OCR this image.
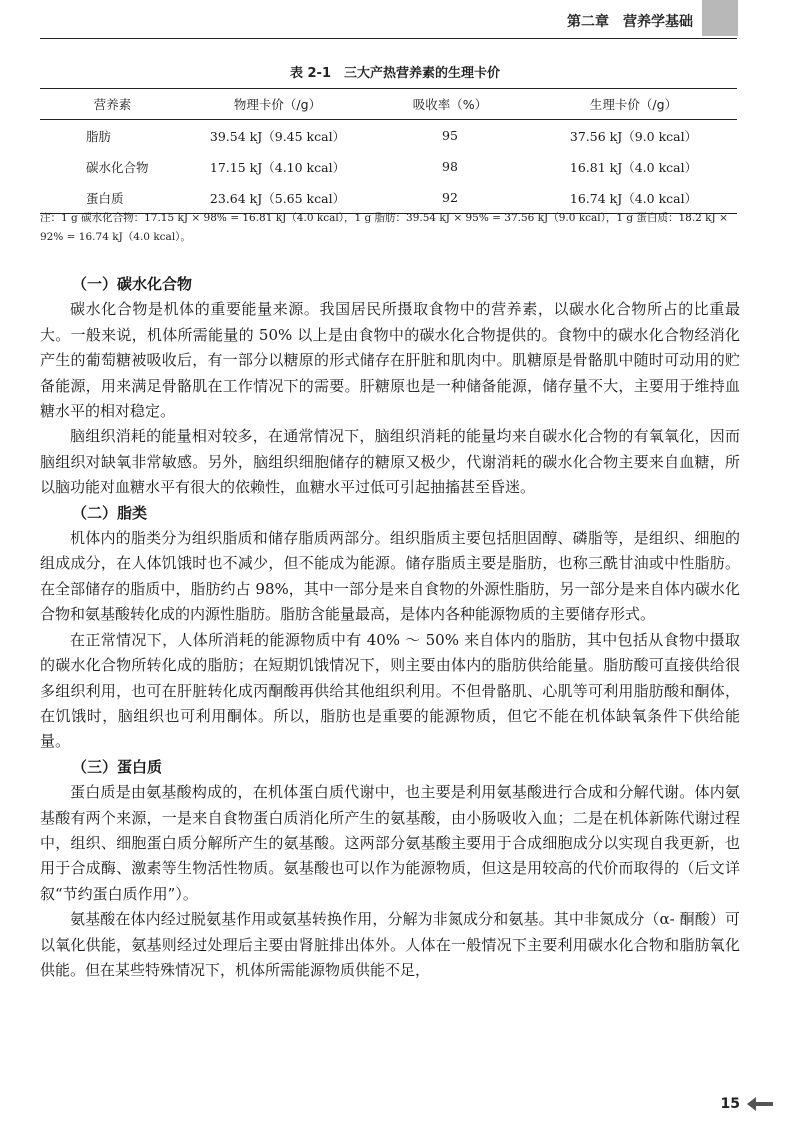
第二章　 营养学基础
表 2-1　三大产热营养素的生理卡价
营养素	物理卡价（/g）	吸收率（%）	生理卡价（/g）
脂肪	39.54 kJ（9.45 kcal）	95	37.56 kJ（9.0 kcal）
碳水化合物	17.15 kJ（4.10 kcal）	98	16.81 kJ（4.0 kcal）
蛋白质	23.64 kJ（5.65 kcal）	92	16.74 kJ（4.0 kcal）
注：1 g 碳水化合物：17.15 kJ × 98% = 16.81 kJ（4.0 kcal），1 g 脂肪：39.54 kJ × 95% = 37.56 kJ（9.0 kcal），1 g 蛋白质：18.2 kJ × 92% = 16.74 kJ（4.0 kcal）。
（一）碳水化合物

碳水化合物是机体的重要能量来源。我国居民所摄取食物中的营养素，以碳水化合物所占的比重最大。一般来说，机体所需能量的 50% 以上是由食物中的碳水化合物提供的。食物中的碳水化合物经消化产生的葡萄糖被吸收后，有一部分以糖原的形式储存在肝脏和肌肉中。肌糖原是骨骼肌中随时可动用的贮备能源，用来满足骨骼肌在工作情况下的需要。肝糖原也是一种储备能源，储存量不大，主要用于维持血糖水平的相对稳定。

脑组织消耗的能量相对较多，在通常情况下，脑组织消耗的能量均来自碳水化合物的有氧氧化，因而脑组织对缺氧非常敏感。另外，脑组织细胞储存的糖原又极少，代谢消耗的碳水化合物主要来自血糖，所以脑功能对血糖水平有很大的依赖性，血糖水平过低可引起抽搐甚至昏迷。

（二）脂类

机体内的脂类分为组织脂质和储存脂质两部分。组织脂质主要包括胆固醇、磷脂等，是组织、细胞的组成成分，在人体饥饿时也不减少，但不能成为能源。储存脂质主要是脂肪，也称三酰甘油或中性脂肪。在全部储存的脂质中，脂肪约占 98%，其中一部分是来自食物的外源性脂肪，另一部分是来自体内碳水化合物和氨基酸转化成的内源性脂肪。脂肪含能量最高，是体内各种能源物质的主要储存形式。

在正常情况下，人体所消耗的能源物质中有 40% ～ 50% 来自体内的脂肪，其中包括从食物中摄取的碳水化合物所转化成的脂肪；在短期饥饿情况下，则主要由体内的脂肪供给能量。脂肪酸可直接供给很多组织利用，也可在肝脏转化成丙酮酸再供给其他组织利用。不但骨骼肌、心肌等可利用脂肪酸和酮体，在饥饿时，脑组织也可利用酮体。所以，脂肪也是重要的能源物质，但它不能在机体缺氧条件下供给能量。

（三）蛋白质

蛋白质是由氨基酸构成的，在机体蛋白质代谢中，也主要是利用氨基酸进行合成和分解代谢。体内氨基酸有两个来源，一是来自食物蛋白质消化所产生的氨基酸，由小肠吸收入血；二是在机体新陈代谢过程中，组织、细胞蛋白质分解所产生的氨基酸。这两部分氨基酸主要用于合成细胞成分以实现自我更新，也用于合成酶、激素等生物活性物质。氨基酸也可以作为能源物质，但这是用较高的代价而取得的（后文详叙“节约蛋白质作用”）。

氨基酸在体内经过脱氨基作用或氨基转换作用，分解为非氮成分和氨基。其中非氮成分（α- 酮酸）可以氧化供能，氨基则经过处理后主要由肾脏排出体外。人体在一般情况下主要利用碳水化合物和脂肪氧化供能。但在某些特殊情况下，机体所需能源物质供能不足，

15
